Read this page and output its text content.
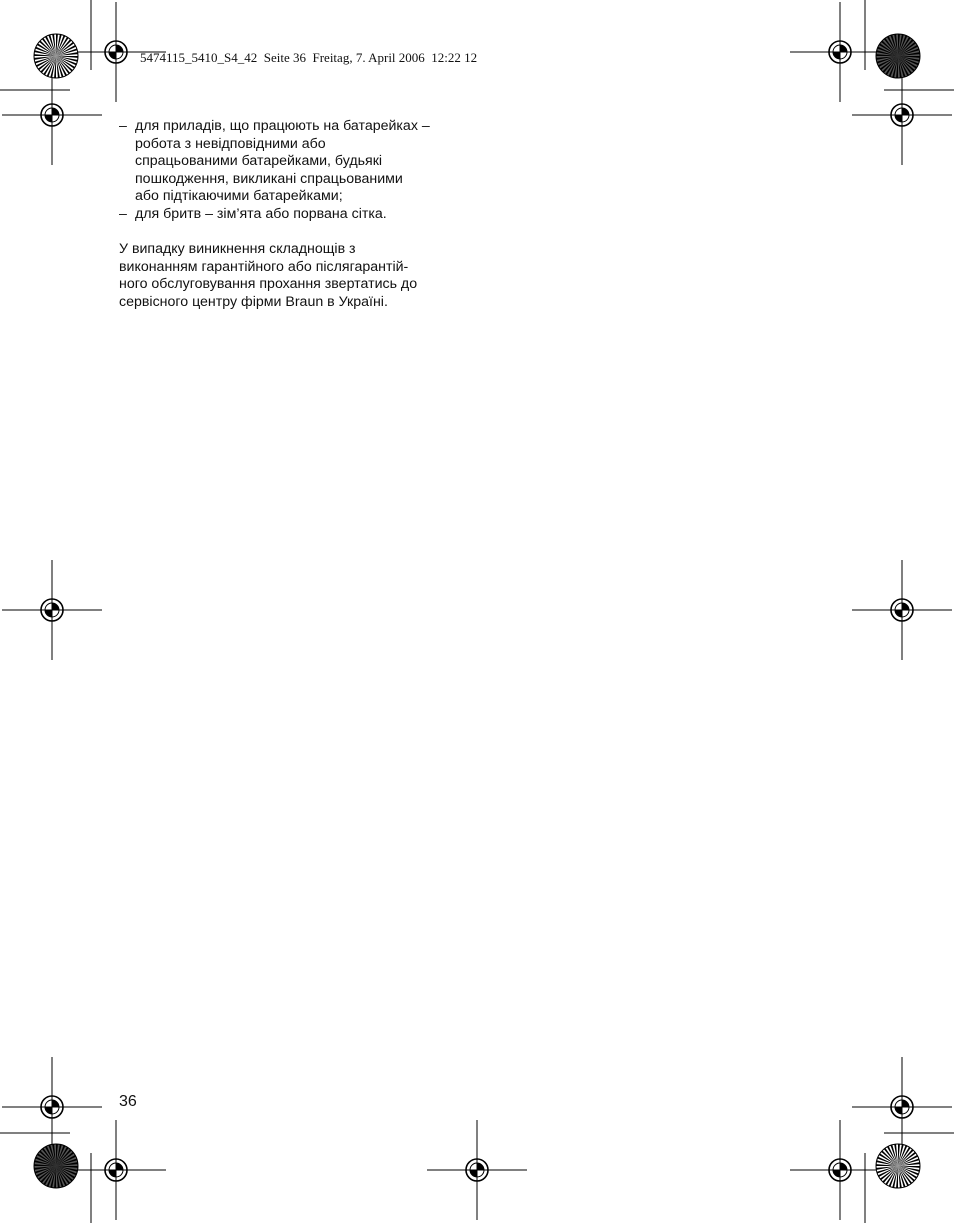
5474115_5410_S4_42  Seite 36  Freitag, 7. April 2006  12:22 12
– для приладів, що працюють на батарейках –
робота з невідповідними або
спрацьованими батарейками, будьякі
пошкодження, викликані спрацьованими
або підтікаючими батарейками;
– для бритв – зім’ята або порвана сітка.
У випадку виникнення складнощів з
виконанням гарантійного або післягарантій-
ного обслуговування прохання звертатись до
сервісного центру фірми Braun в Україні.
36
